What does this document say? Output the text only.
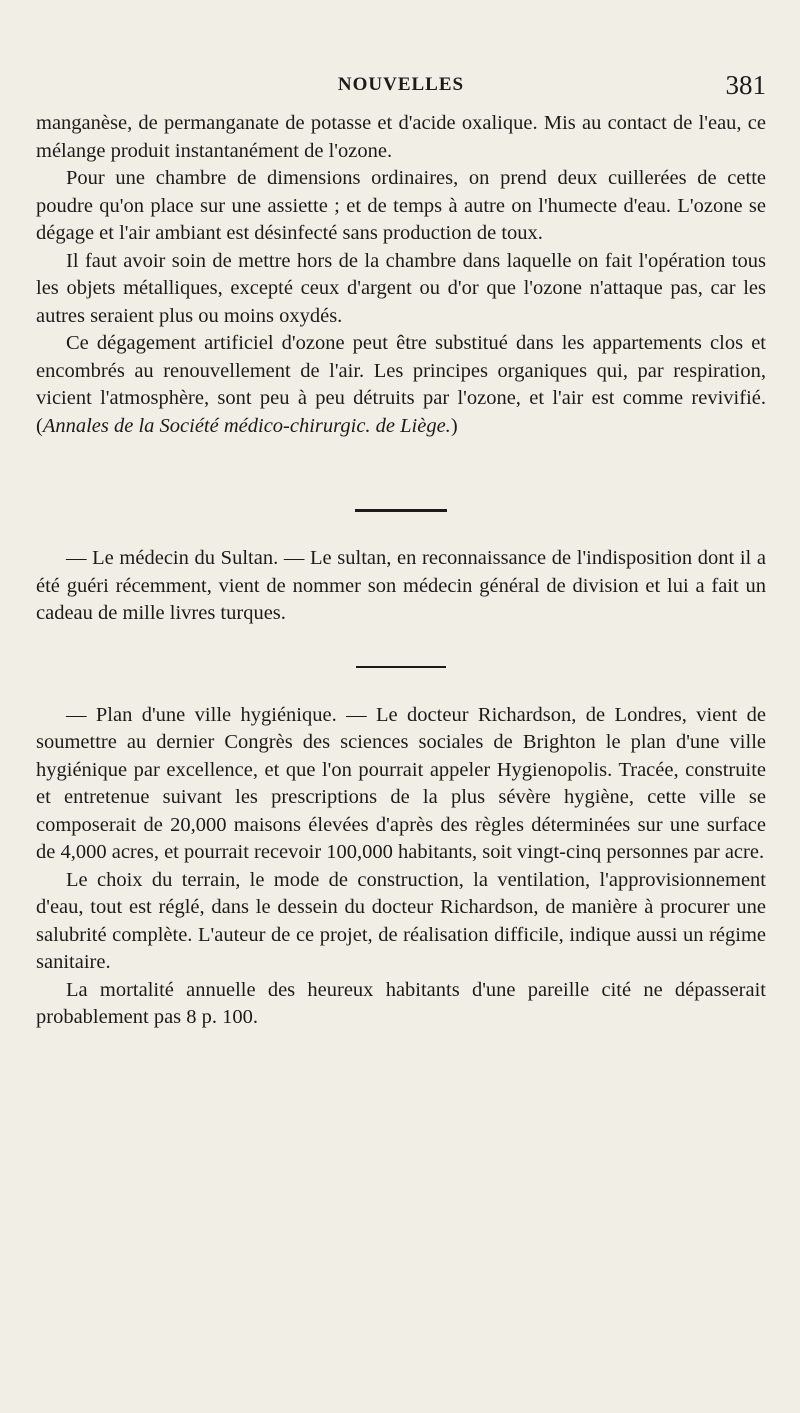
NOUVELLES	381

manganèse, de permanganate de potasse et d'acide oxalique. Mis au contact de l'eau, ce mélange produit instantanément de l'ozone.

Pour une chambre de dimensions ordinaires, on prend deux cuillerées de cette poudre qu'on place sur une assiette ; et de temps à autre on l'humecte d'eau. L'ozone se dégage et l'air ambiant est désinfecté sans production de toux.

Il faut avoir soin de mettre hors de la chambre dans laquelle on fait l'opération tous les objets métalliques, excepté ceux d'argent ou d'or que l'ozone n'attaque pas, car les autres seraient plus ou moins oxydés.

Ce dégagement artificiel d'ozone peut être substitué dans les appartements clos et encombrés au renouvellement de l'air. Les principes organiques qui, par respiration, vicient l'atmosphère, sont peu à peu détruits par l'ozone, et l'air est comme revivifié. (Annales de la Société médico-chirurgic. de Liège.)

— Le médecin du Sultan. — Le sultan, en reconnaissance de l'indisposition dont il a été guéri récemment, vient de nommer son médecin général de division et lui a fait un cadeau de mille livres turques.

— Plan d'une ville hygiénique. — Le docteur Richardson, de Londres, vient de soumettre au dernier Congrès des sciences sociales de Brighton le plan d'une ville hygiénique par excellence, et que l'on pourrait appeler Hygienopolis. Tracée, construite et entretenue suivant les prescriptions de la plus sévère hygiène, cette ville se composerait de 20,000 maisons élevées d'après des règles déterminées sur une surface de 4,000 acres, et pourrait recevoir 100,000 habitants, soit vingt-cinq personnes par acre.

Le choix du terrain, le mode de construction, la ventilation, l'approvisionnement d'eau, tout est réglé, dans le dessein du docteur Richardson, de manière à procurer une salubrité complète. L'auteur de ce projet, de réalisation difficile, indique aussi un régime sanitaire.

La mortalité annuelle des heureux habitants d'une pareille cité ne dépasserait probablement pas 8 p. 100.
